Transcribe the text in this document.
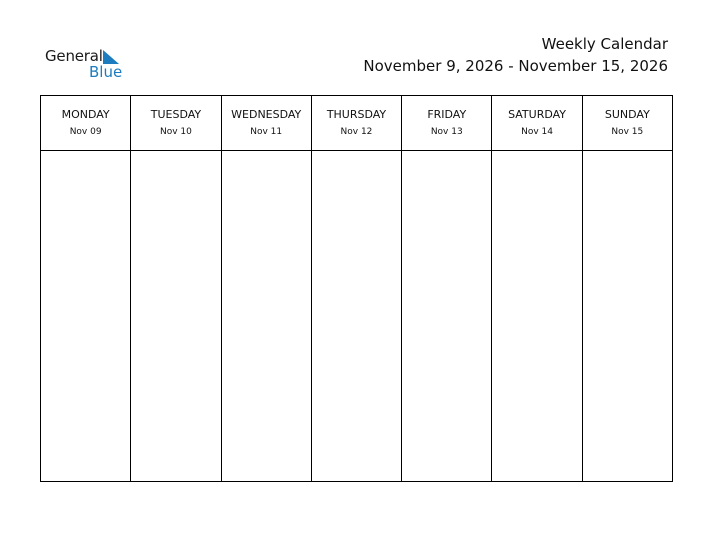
General
Blue
Weekly Calendar
November 9, 2026 - November 15, 2026
MONDAY
Nov 09
TUESDAY
Nov 10
WEDNESDAY
Nov 11
THURSDAY
Nov 12
FRIDAY
Nov 13
SATURDAY
Nov 14
SUNDAY
Nov 15
